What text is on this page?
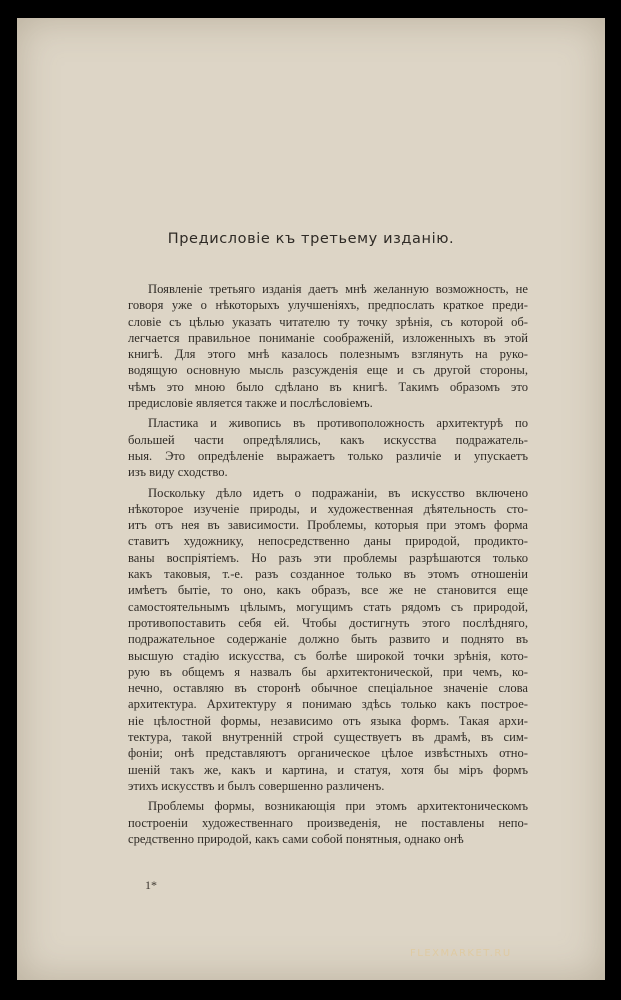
Предисловіе къ третьему изданію.
Появленіе третьяго изданія даетъ мнѣ желанную возможность, не
говоря уже о нѣкоторыхъ улучшеніяхъ, предпослать краткое преди-
словіе съ цѣлью указать читателю ту точку зрѣнія, съ которой об-
легчается правильное пониманіе соображеній, изложенныхъ въ этой
книгѣ. Для этого мнѣ казалось полезнымъ взглянуть на руко-
водящую основную мысль разсужденія еще и съ другой стороны,
чѣмъ это мною было сдѣлано въ книгѣ. Такимъ образомъ это
предисловіе является также и послѣсловіемъ.
Пластика и живопись въ противоположность архитектурѣ по
большей части опредѣлялись, какъ искусства подражатель-
ныя. Это опредѣленіе выражаетъ только различіе и упускаетъ
изъ виду сходство.
Поскольку дѣло идетъ о подражаніи, въ искусство включено
нѣкоторое изученіе природы, и художественная дѣятельность сто-
итъ отъ нея въ зависимости. Проблемы, которыя при этомъ форма
ставитъ художнику, непосредственно даны природой, продикто-
ваны воспріятіемъ. Но разъ эти проблемы разрѣшаются только
какъ таковыя, т.-е. разъ созданное только въ этомъ отношеніи
имѣетъ бытіе, то оно, какъ образъ, все же не становится еще
самостоятельнымъ цѣлымъ, могущимъ стать рядомъ съ природой,
противопоставить себя ей. Чтобы достигнуть этого послѣдняго,
подражательное содержаніе должно быть развито и поднято въ
высшую стадію искусства, съ болѣе широкой точки зрѣнія, кото-
рую въ общемъ я назвалъ бы архитектонической, при чемъ, ко-
нечно, оставляю въ сторонѣ обычное спеціальное значеніе слова
архитектура. Архитектуру я понимаю здѣсь только какъ построе-
ніе цѣлостной формы, независимо отъ языка формъ. Такая архи-
тектура, такой внутренній строй существуетъ въ драмѣ, въ сим-
фоніи; онѣ представляютъ органическое цѣлое извѣстныхъ отно-
шеній такъ же, какъ и картина, и статуя, хотя бы міръ формъ
этихъ искусствъ и былъ совершенно различенъ.
Проблемы формы, возникающія при этомъ архитектоническомъ
построеніи художественнаго произведенія, не поставлены непо-
средственно природой, какъ сами собой понятныя, однако онѣ
1*
FLEXMARKET.RU
